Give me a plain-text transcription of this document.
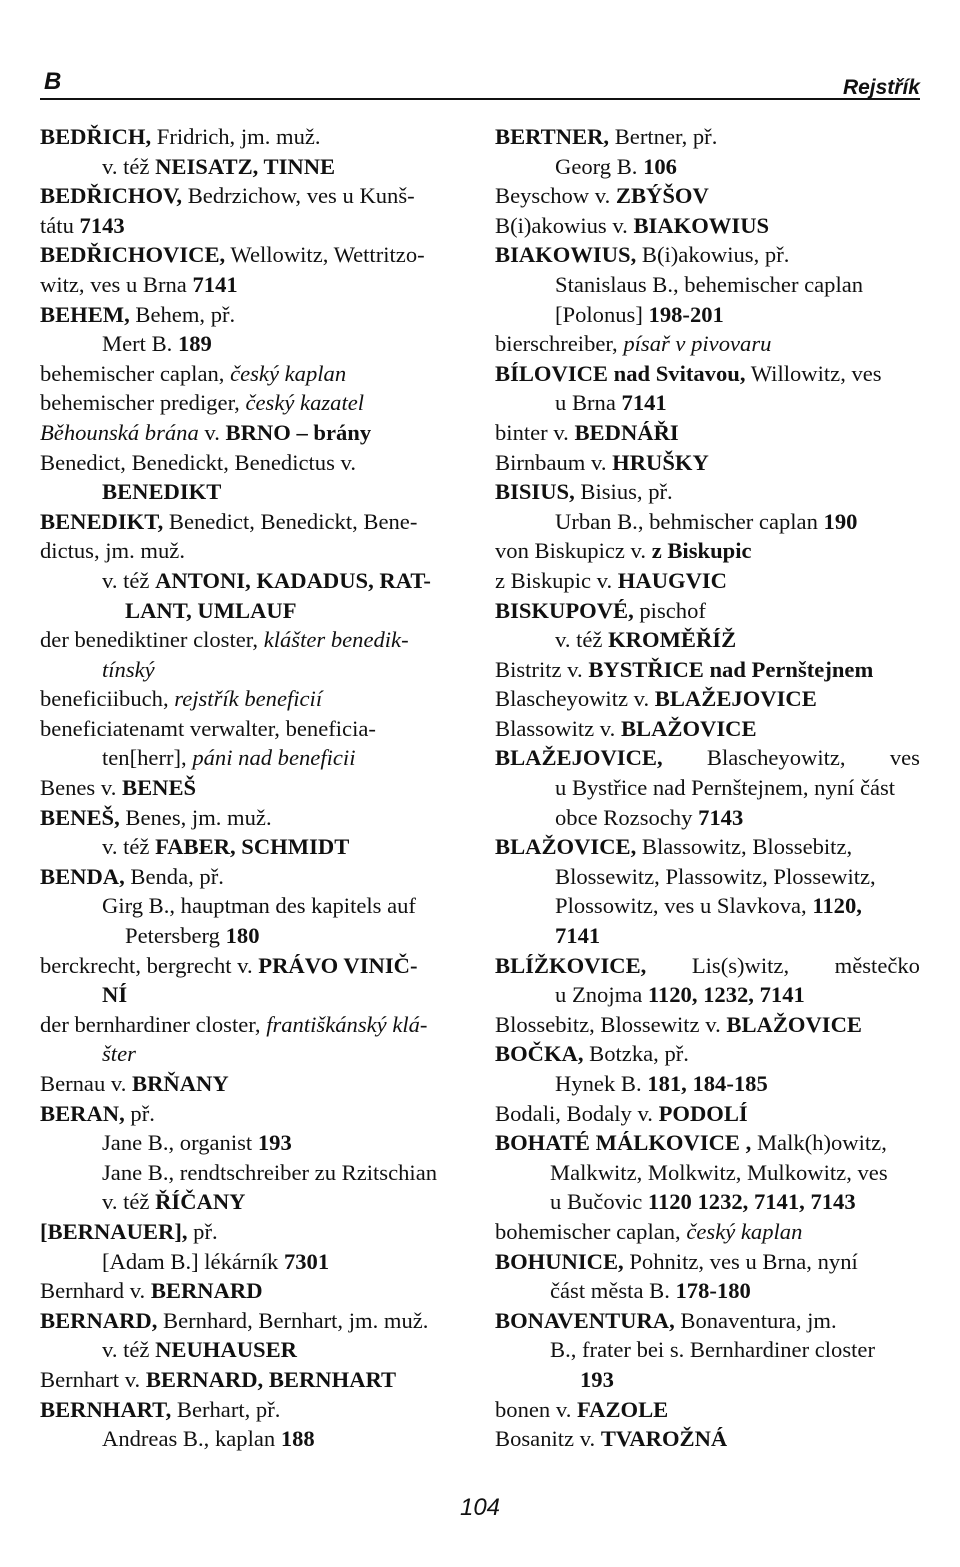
B	Rejstřík
BEDŘICH, Fridrich, jm. muž.
v. též NEISATZ, TINNE
BEDŘICHOV, Bedrzichow, ves u Kunš-
tátu 7143
BEDŘICHOVICE, Wellowitz, Wettritzo-
witz, ves u Brna 7141
BEHEM, Behem, př.
Mert B. 189
behemischer caplan, český kaplan
behemischer prediger, český kazatel
Běhounská brána v. BRNO – brány
Benedict, Benedickt, Benedictus v.
BENEDIKT
BENEDIKT, Benedict, Benedickt, Bene-
dictus, jm. muž.
v. též ANTONI, KADADUS, RAT-
LANT, UMLAUF
der benediktiner closter, klášter benedik-
tínský
beneficiibuch, rejstřík beneficií
beneficiatenamt verwalter, beneficia-
ten[herr], páni nad beneficii
Benes v. BENEŠ
BENEŠ, Benes, jm. muž.
v. též FABER, SCHMIDT
BENDA, Benda, př.
Girg B., hauptman des kapitels auf
Petersberg 180
berckrecht, bergrecht v. PRÁVO VINIČ-
NÍ
der bernhardiner closter, františkánský klá-
šter
Bernau v. BRŇANY
BERAN, př.
Jane B., organist 193
Jane B., rendtschreiber zu Rzitschian
v. též ŘÍČANY
[BERNAUER], př.
[Adam B.] lékárník 7301
Bernhard v. BERNARD
BERNARD, Bernhard, Bernhart, jm. muž.
v. též NEUHAUSER
Bernhart v. BERNARD, BERNHART
BERNHART, Berhart, př.
Andreas B., kaplan 188
BERTNER, Bertner, př.
Georg B. 106
Beyschow v. ZBÝŠOV
B(i)akowius v. BIAKOWIUS
BIAKOWIUS, B(i)akowius, př.
Stanislaus B., behemischer caplan
[Polonus] 198-201
bierschreiber, písař v pivovaru
BÍLOVICE nad Svitavou, Willowitz, ves
u Brna 7141
binter v. BEDNÁŘI
Birnbaum v. HRUŠKY
BISIUS, Bisius, př.
Urban B., behmischer caplan 190
von Biskupicz v. z Biskupic
z Biskupic v. HAUGVIC
BISKUPOVÉ, pischof
v. též KROMĚŘÍŽ
Bistritz v. BYSTŘICE nad Pernštejnem
Blascheyowitz v. BLAŽEJOVICE
Blassowitz v. BLAŽOVICE
BLAŽEJOVICE, Blascheyowitz, ves
u Bystřice nad Pernštejnem, nyní část
obce Rozsochy 7143
BLAŽOVICE, Blassowitz, Blossebitz,
Blossewitz, Plassowitz, Plossewitz,
Plossowitz, ves u Slavkova, 1120,
7141
BLÍŽKOVICE, Lis(s)witz, městečko
u Znojma 1120, 1232, 7141
Blossebitz, Blossewitz v. BLAŽOVICE
BOČKA, Botzka, př.
Hynek B. 181, 184-185
Bodali, Bodaly v. PODOLÍ
BOHATÉ MÁLKOVICE , Malk(h)owitz,
Malkwitz, Molkwitz, Mulkowitz, ves
u Bučovic 1120 1232, 7141, 7143
bohemischer caplan, český kaplan
BOHUNICE, Pohnitz, ves u Brna, nyní
část města B. 178-180
BONAVENTURA, Bonaventura, jm.
B., frater bei s. Bernhardiner closter
193
bonen v. FAZOLE
Bosanitz v. TVAROŽNÁ
104
